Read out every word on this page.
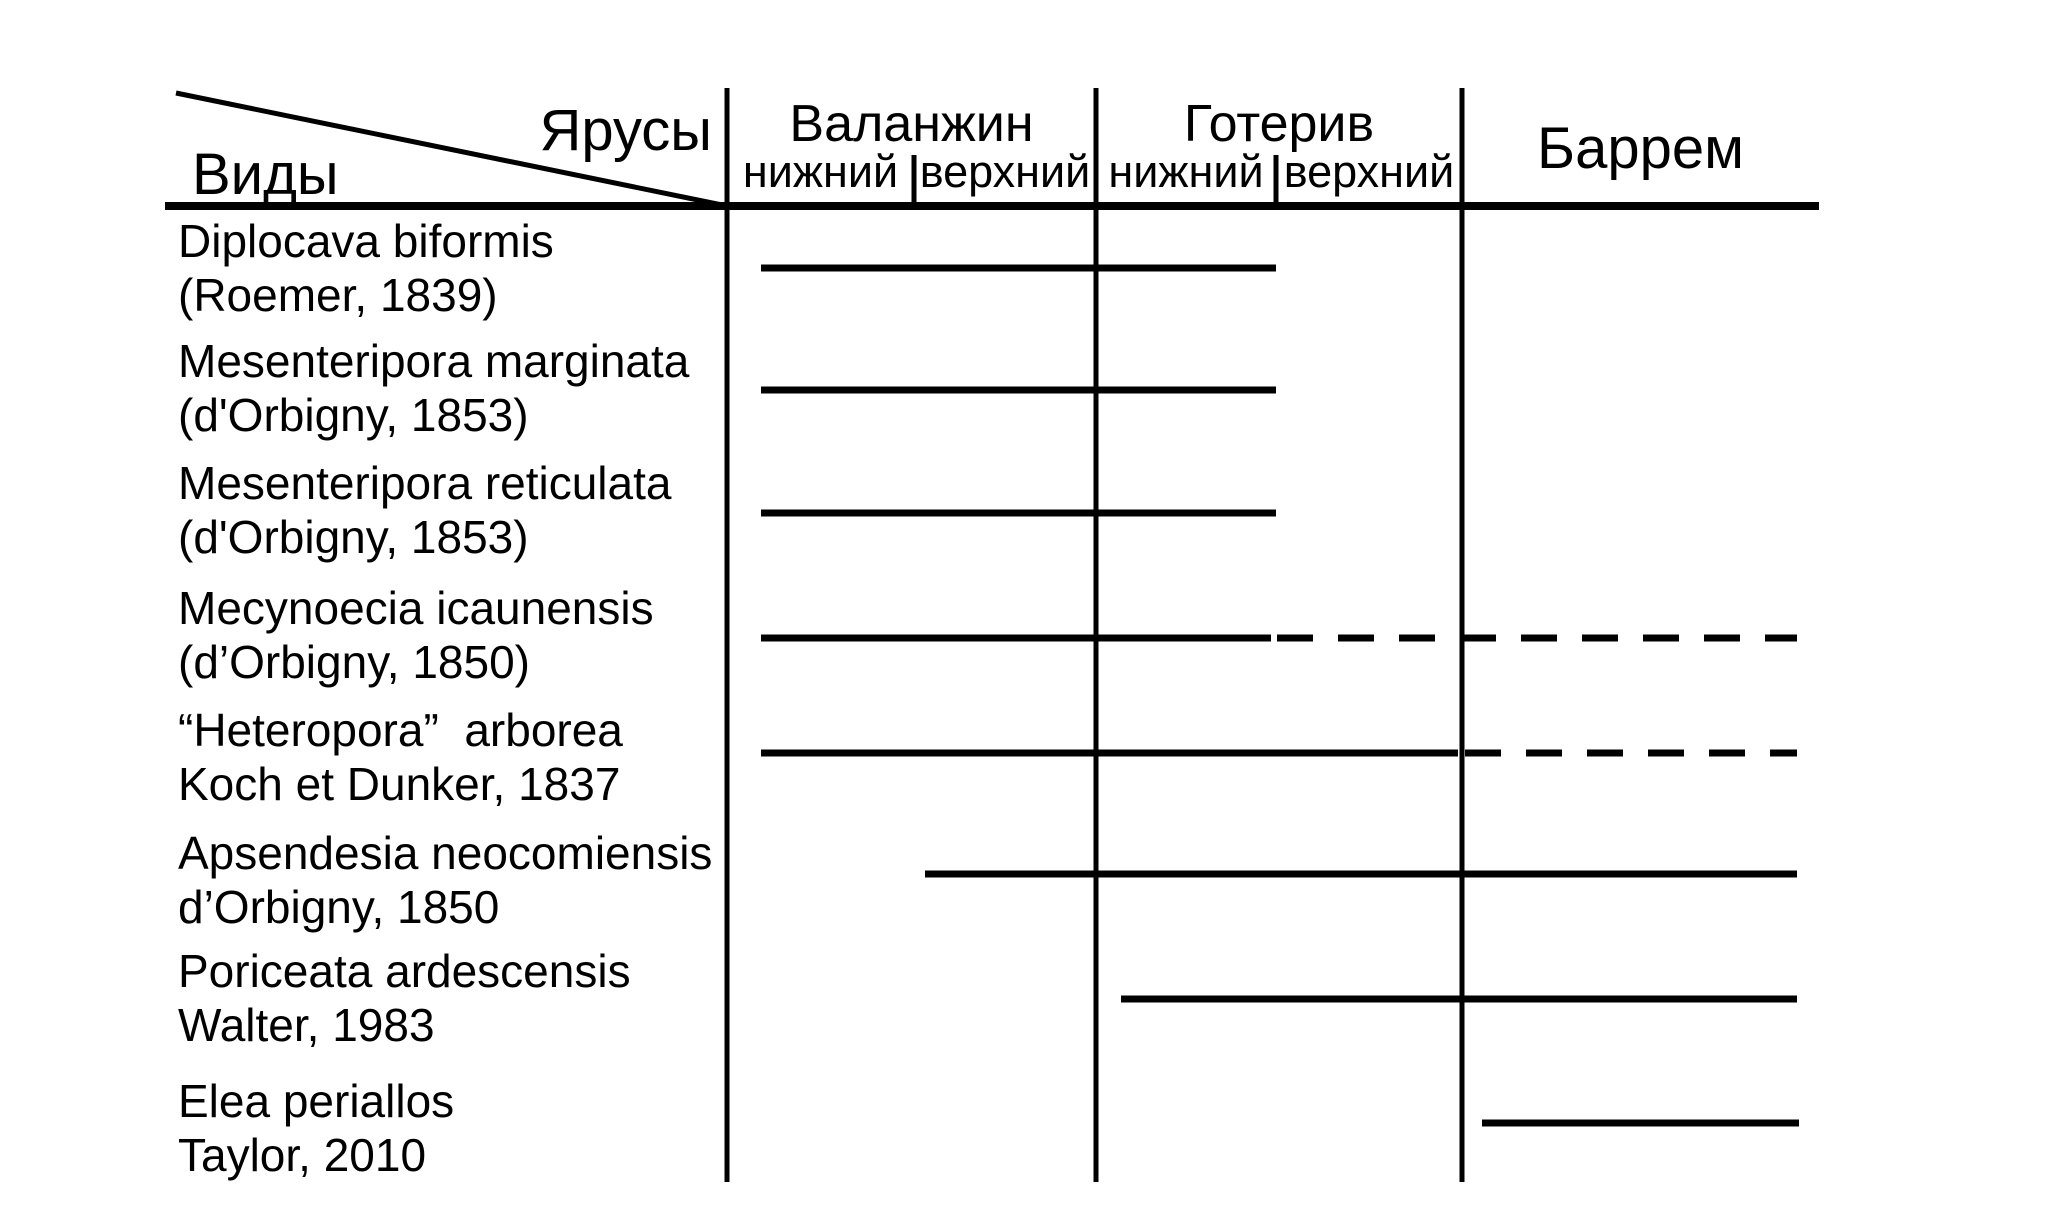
Ярусы
Виды
Валанжин	Готерив	Баррем
нижний верхний нижний верхний
Diplocava biformis
(Roemer, 1839)
Mesenteripora marginata
(d'Orbigny, 1853)
Mesenteripora reticulata
(d'Orbigny, 1853)
Mecynoecia icaunensis
(d’Orbigny, 1850)
“Heteropora”  arborea
Koch et Dunker, 1837
Apsendesia neocomiensis
d’Orbigny, 1850
Poriceata ardescensis
Walter, 1983
Elea periallos
Taylor, 2010
